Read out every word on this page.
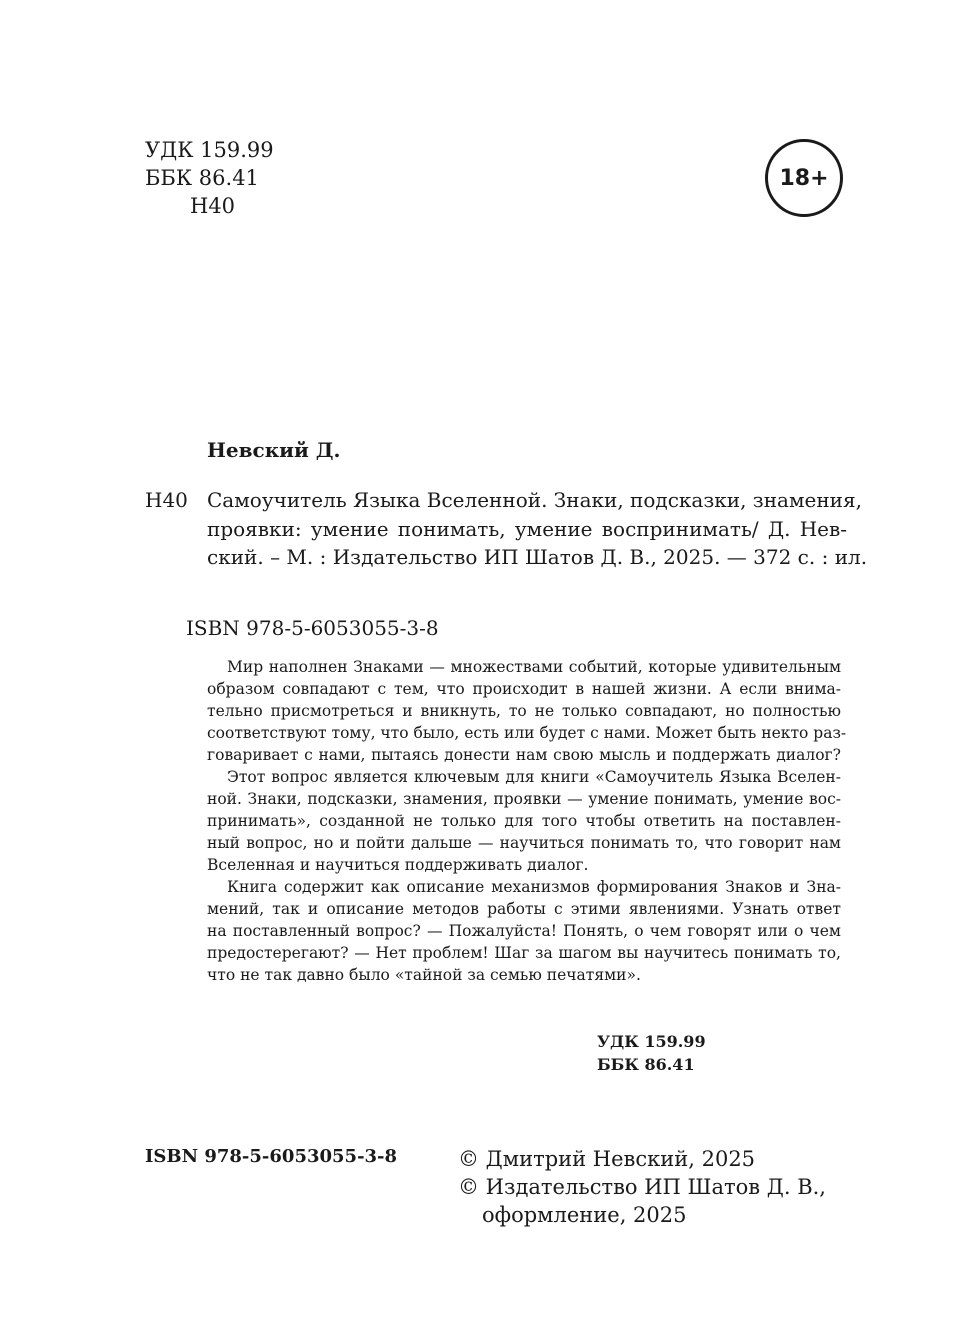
УДК 159.99
ББК 86.41
Н40
18+
Невский Д.
Н40 Самоучитель Языка Вселенной. Знаки, подсказки, знамения,
проявки: умение понимать, умение воспринимать/ Д. Нев-
ский. – М. : Издательство ИП Шатов Д. В., 2025. — 372 с. : ил.
ISBN 978-5-6053055-3-8
Мир наполнен Знаками — множествами событий, которые удивительным
образом совпадают с тем, что происходит в нашей жизни. А если внима-
тельно присмотреться и вникнуть, то не только совпадают, но полностью
соответствуют тому, что было, есть или будет с нами. Может быть некто раз-
говаривает с нами, пытаясь донести нам свою мысль и поддержать диалог?
Этот вопрос является ключевым для книги «Самоучитель Языка Вселен-
ной. Знаки, подсказки, знамения, проявки — умение понимать, умение вос-
принимать», созданной не только для того чтобы ответить на поставлен-
ный вопрос, но и пойти дальше — научиться понимать то, что говорит нам
Вселенная и научиться поддерживать диалог.
Книга содержит как описание механизмов формирования Знаков и Зна-
мений, так и описание методов работы с этими явлениями. Узнать ответ
на поставленный вопрос? — Пожалуйста! Понять, о чем говорят или о чем
предостерегают? — Нет проблем! Шаг за шагом вы научитесь понимать то,
что не так давно было «тайной за семью печатями».
УДК 159.99
ББК 86.41
ISBN 978-5-6053055-3-8	© Дмитрий Невский, 2025
© Издательство ИП Шатов Д. В.,
оформление, 2025
